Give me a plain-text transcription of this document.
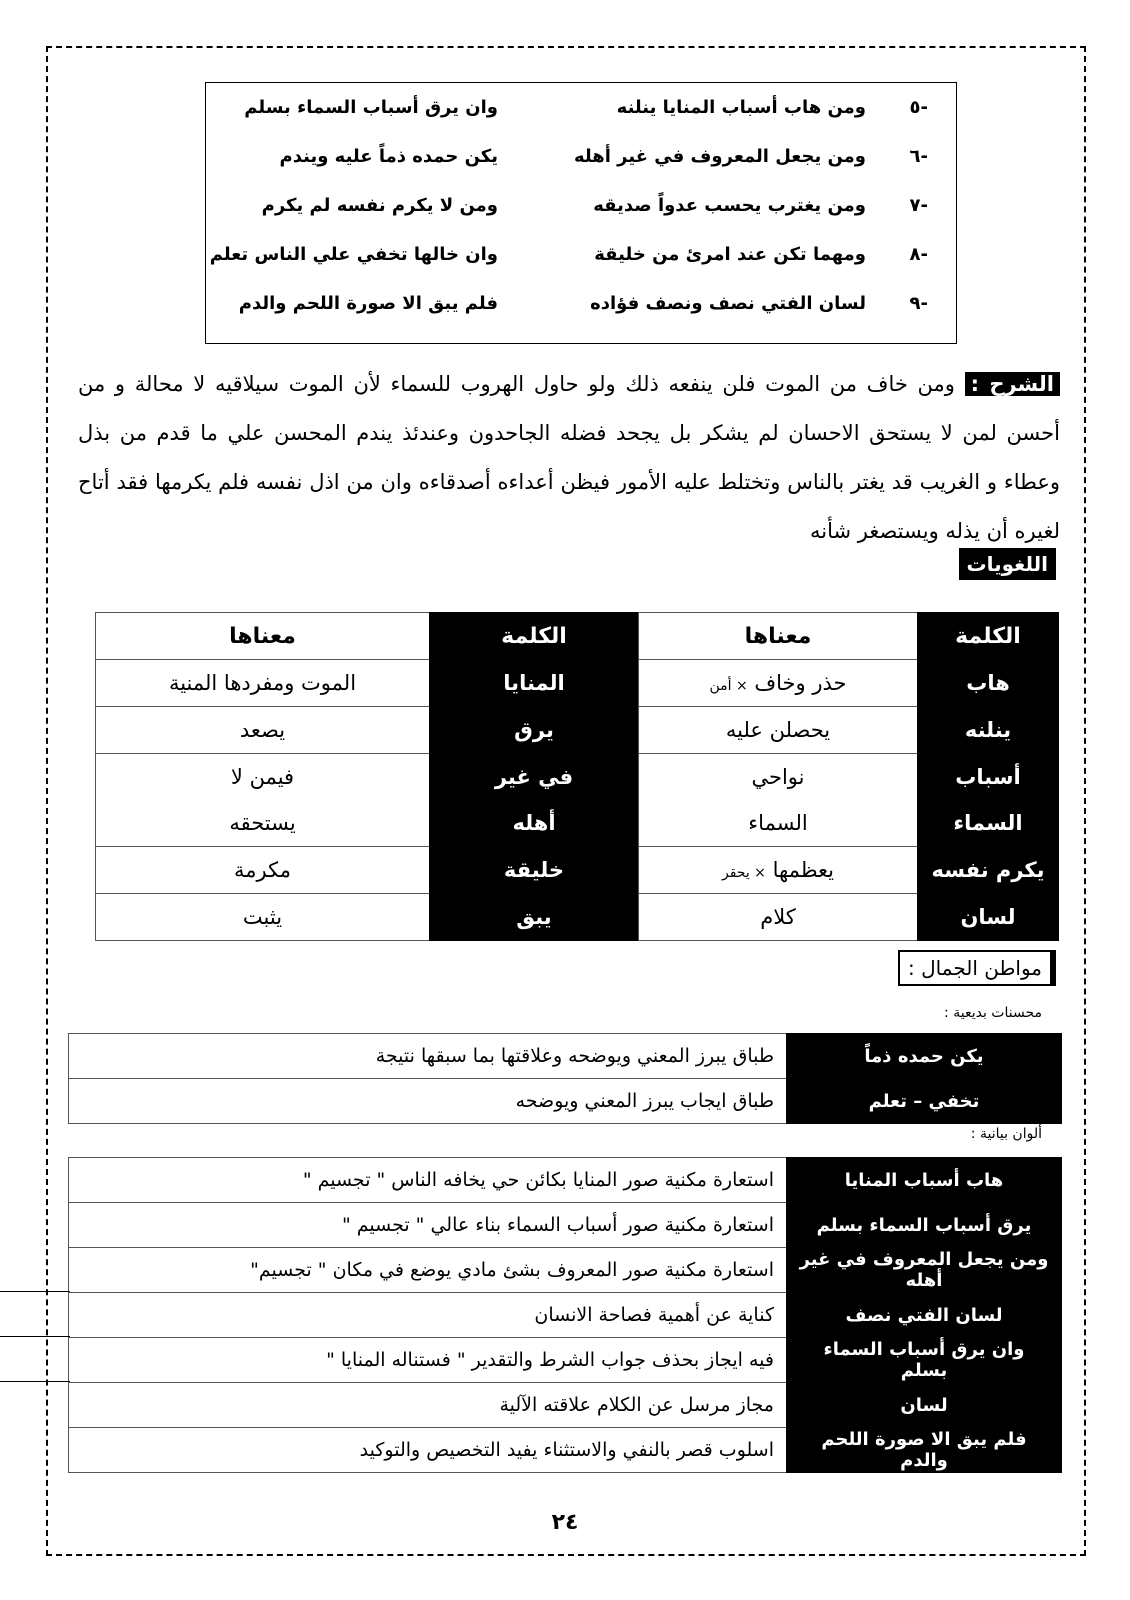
-٥
ومن هاب أسباب المنايا ينلنه
وان يرق أسباب السماء بسلم
-٦
ومن يجعل المعروف في غير أهله
يكن حمده ذماً عليه ويندم
-٧
ومن يغترب يحسب عدواً صديقه
ومن لا يكرم نفسه لم يكرم
-٨
ومهما تكن عند امرئ من خليقة
وان خالها تخفي علي الناس تعلم
-٩
لسان الفتي نصف ونصف فؤاده
فلم يبق الا صورة اللحم والدم
الشرح : ومن خاف من الموت فلن ينفعه ذلك ولو حاول الهروب للسماء لأن الموت سيلاقيه لا محالة و من أحسن لمن لا يستحق الاحسان لم يشكر بل يجحد فضله الجاحدون وعندئذ يندم المحسن علي ما قدم من بذل وعطاء و الغريب قد يغتر بالناس وتختلط عليه الأمور فيظن أعداءه أصدقاءه وان من اذل نفسه فلم يكرمها فقد أتاح لغيره أن يذله ويستصغر شأنه
اللغويات
الكلمة	معناها	الكلمة	معناها
هاب	حذر وخاف × أمن	المنايا	الموت ومفردها المنية
ينلنه	يحصلن عليه	يرق	يصعد
أسباب	نواحي	في غير	فيمن لا
السماء	السماء	أهله	يستحقه
يكرم نفسه	يعظمها × يحقر	خليقة	مكرمة
لسان	كلام	يبق	يثبت
مواطن الجمال :
محسنات بديعية :
يكن حمده ذماً	طباق يبرز المعني ويوضحه وعلاقتها بما سبقها نتيجة
تخفي – تعلم	طباق ايجاب يبرز المعني ويوضحه
ألوان بيانية :
هاب أسباب المنايا	استعارة مكنية صور المنايا بكائن حي يخافه الناس " تجسيم "
يرق أسباب السماء بسلم	استعارة مكنية صور أسباب السماء بناء عالي " تجسيم "
ومن يجعل المعروف في غير أهله	استعارة مكنية صور المعروف بشئ مادي يوضع في مكان " تجسيم"
لسان الفتي نصف	كناية عن أهمية فصاحة الانسان
وان يرق أسباب السماء بسلم	فيه ايجاز بحذف جواب الشرط والتقدير " فستناله المنايا "
لسان	مجاز مرسل عن الكلام علاقته الآلية
فلم يبق الا صورة اللحم والدم	اسلوب قصر بالنفي والاستثناء يفيد التخصيص والتوكيد
٢٤
